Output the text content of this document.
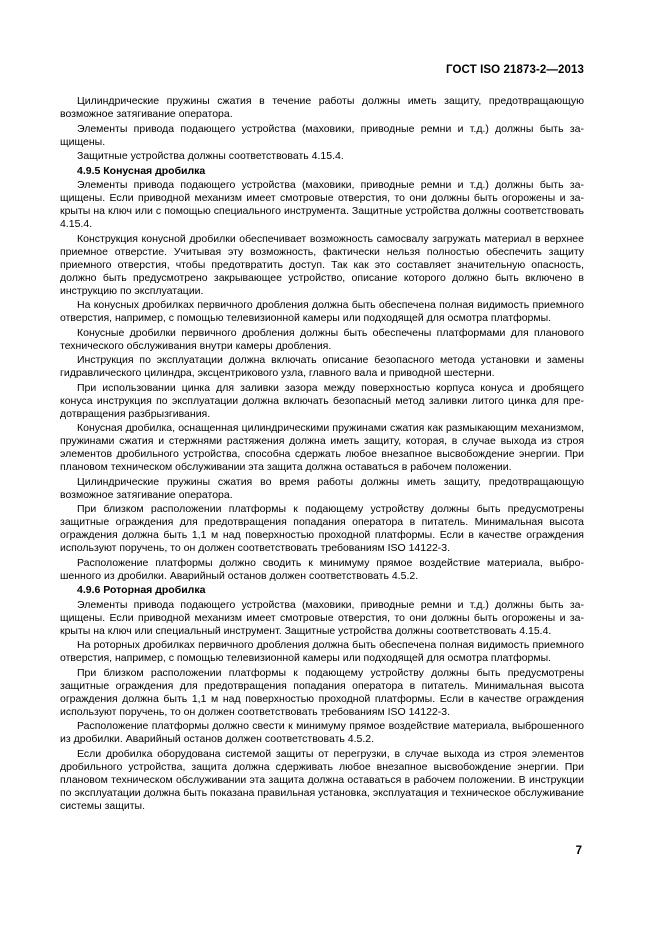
ГОСТ ISO 21873-2—2013

Цилиндрические пружины сжатия в течение работы должны иметь защиту, предотвращающую возможное затягивание оператора.

Элементы привода подающего устройства (маховики, приводные ремни и т.д.) должны быть защищены.

Защитные устройства должны соответствовать 4.15.4.

4.9.5 Конусная дробилка

Элементы привода подающего устройства (маховики, приводные ремни и т.д.) должны быть защищены. Если приводной механизм имеет смотровые отверстия, то они должны быть огорожены и закрыты на ключ или с помощью специального инструмента. Защитные устройства должны соответствовать 4.15.4.

Конструкция конусной дробилки обеспечивает возможность самосвалу загружать материал в верхнее приемное отверстие. Учитывая эту возможность, фактически нельзя полностью обеспечить защиту приемного отверстия, чтобы предотвратить доступ. Так как это составляет значительную опасность, должно быть предусмотрено закрывающее устройство, описание которого должно быть включено в инструкцию по эксплуатации.

На конусных дробилках первичного дробления должна быть обеспечена полная видимость приемного отверстия, например, с помощью телевизионной камеры или подходящей для осмотра платформы.

Конусные дробилки первичного дробления должны быть обеспечены платформами для планового технического обслуживания внутри камеры дробления.

Инструкция по эксплуатации должна включать описание безопасного метода установки и замены гидравлического цилиндра, эксцентрикового узла, главного вала и приводной шестерни.

При использовании цинка для заливки зазора между поверхностью корпуса конуса и дробящего конуса инструкция по эксплуатации должна включать безопасный метод заливки литого цинка для предотвращения разбрызгивания.

Конусная дробилка, оснащенная цилиндрическими пружинами сжатия как размыкающим механизмом, пружинами сжатия и стержнями растяжения должна иметь защиту, которая, в случае выхода из строя элементов дробильного устройства, способна сдержать любое внезапное высвобождение энергии. При плановом техническом обслуживании эта защита должна оставаться в рабочем положении.

Цилиндрические пружины сжатия во время работы должны иметь защиту, предотвращающую возможное затягивание оператора.

При близком расположении платформы к подающему устройству должны быть предусмотрены защитные ограждения для предотвращения попадания оператора в питатель. Минимальная высота ограждения должна быть 1,1 м над поверхностью проходной платформы. Если в качестве ограждения используют поручень, то он должен соответствовать требованиям ISO 14122-3.

Расположение платформы должно сводить к минимуму прямое воздействие материала, выброшенного из дробилки. Аварийный останов должен соответствовать 4.5.2.

4.9.6 Роторная дробилка

Элементы привода подающего устройства (маховики, приводные ремни и т.д.) должны быть защищены. Если приводной механизм имеет смотровые отверстия, то они должны быть огорожены и закрыты на ключ или специальный инструмент. Защитные устройства должны соответствовать 4.15.4.

На роторных дробилках первичного дробления должна быть обеспечена полная видимость приемного отверстия, например, с помощью телевизионной камеры или подходящей для осмотра платформы.

При близком расположении платформы к подающему устройству должны быть предусмотрены защитные ограждения для предотвращения попадания оператора в питатель. Минимальная высота ограждения должна быть 1,1 м над поверхностью проходной платформы. Если в качестве ограждения используют поручень, то он должен соответствовать требованиям ISO 14122-3.

Расположение платформы должно свести к минимуму прямое воздействие материала, выброшенного из дробилки. Аварийный останов должен соответствовать 4.5.2.

Если дробилка оборудована системой защиты от перегрузки, в случае выхода из строя элементов дробильного устройства, защита должна сдерживать любое внезапное высвобождение энергии. При плановом техническом обслуживании эта защита должна оставаться в рабочем положении. В инструкции по эксплуатации должна быть показана правильная установка, эксплуатация и техническое обслуживание системы защиты.

7
